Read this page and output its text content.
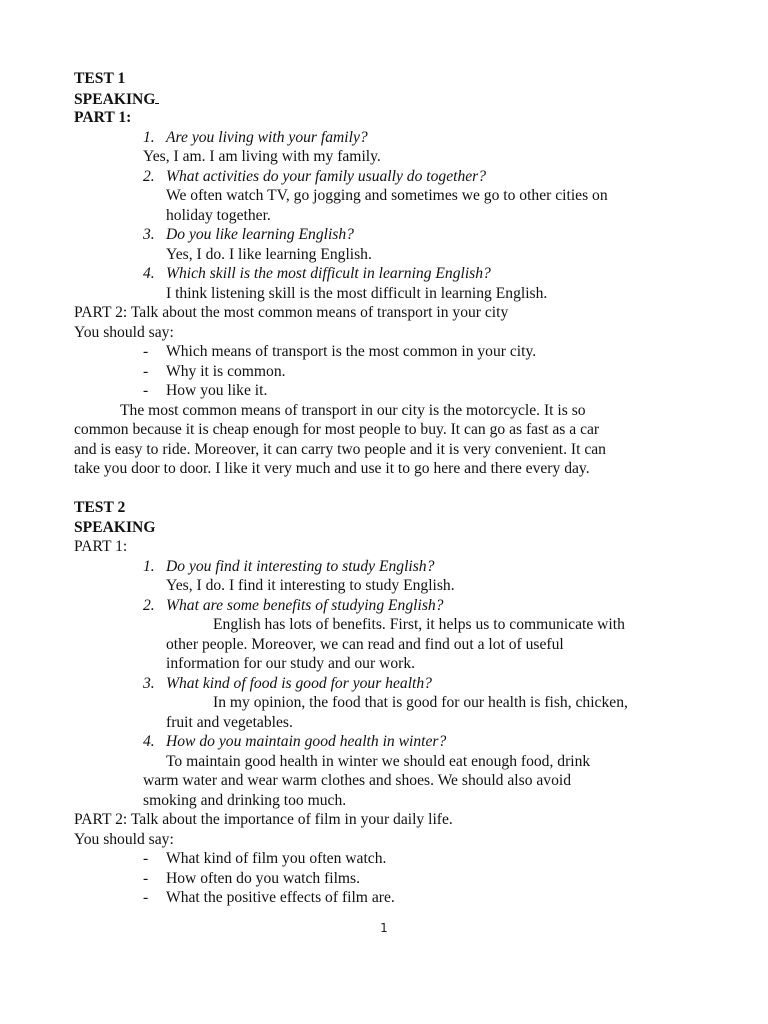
TEST 1
SPEAKING
PART 1:
1. Are you living with your family?
Yes, I am. I am living with my family.
2. What activities do your family usually do together?
We often watch TV, go jogging and sometimes we go to other cities on
holiday together.
3. Do you like learning English?
Yes, I do. I like learning English.
4. Which skill is the most difficult in learning English?
I think listening skill is the most difficult in learning English.
PART 2: Talk about the most common means of transport in your city
You should say:
- Which means of transport is the most common in your city.
- Why it is common.
- How you like it.
The most common means of transport in our city is the motorcycle. It is so
common because it is cheap enough for most people to buy. It can go as fast as a car
and is easy to ride. Moreover, it can carry two people and it is very convenient. It can
take you door to door. I like it very much and use it to go here and there every day.
TEST 2
SPEAKING
PART 1:
1. Do you find it interesting to study English?
Yes, I do. I find it interesting to study English.
2. What are some benefits of studying English?
English has lots of benefits. First, it helps us to communicate with
other people. Moreover, we can read and find out a lot of useful
information for our study and our work.
3. What kind of food is good for your health?
In my opinion, the food that is good for our health is fish, chicken,
fruit and vegetables.
4. How do you maintain good health in winter?
To maintain good health in winter we should eat enough food, drink
warm water and wear warm clothes and shoes. We should also avoid
smoking and drinking too much.
PART 2: Talk about the importance of film in your daily life.
You should say:
- What kind of film you often watch.
- How often do you watch films.
- What the positive effects of film are.
1
